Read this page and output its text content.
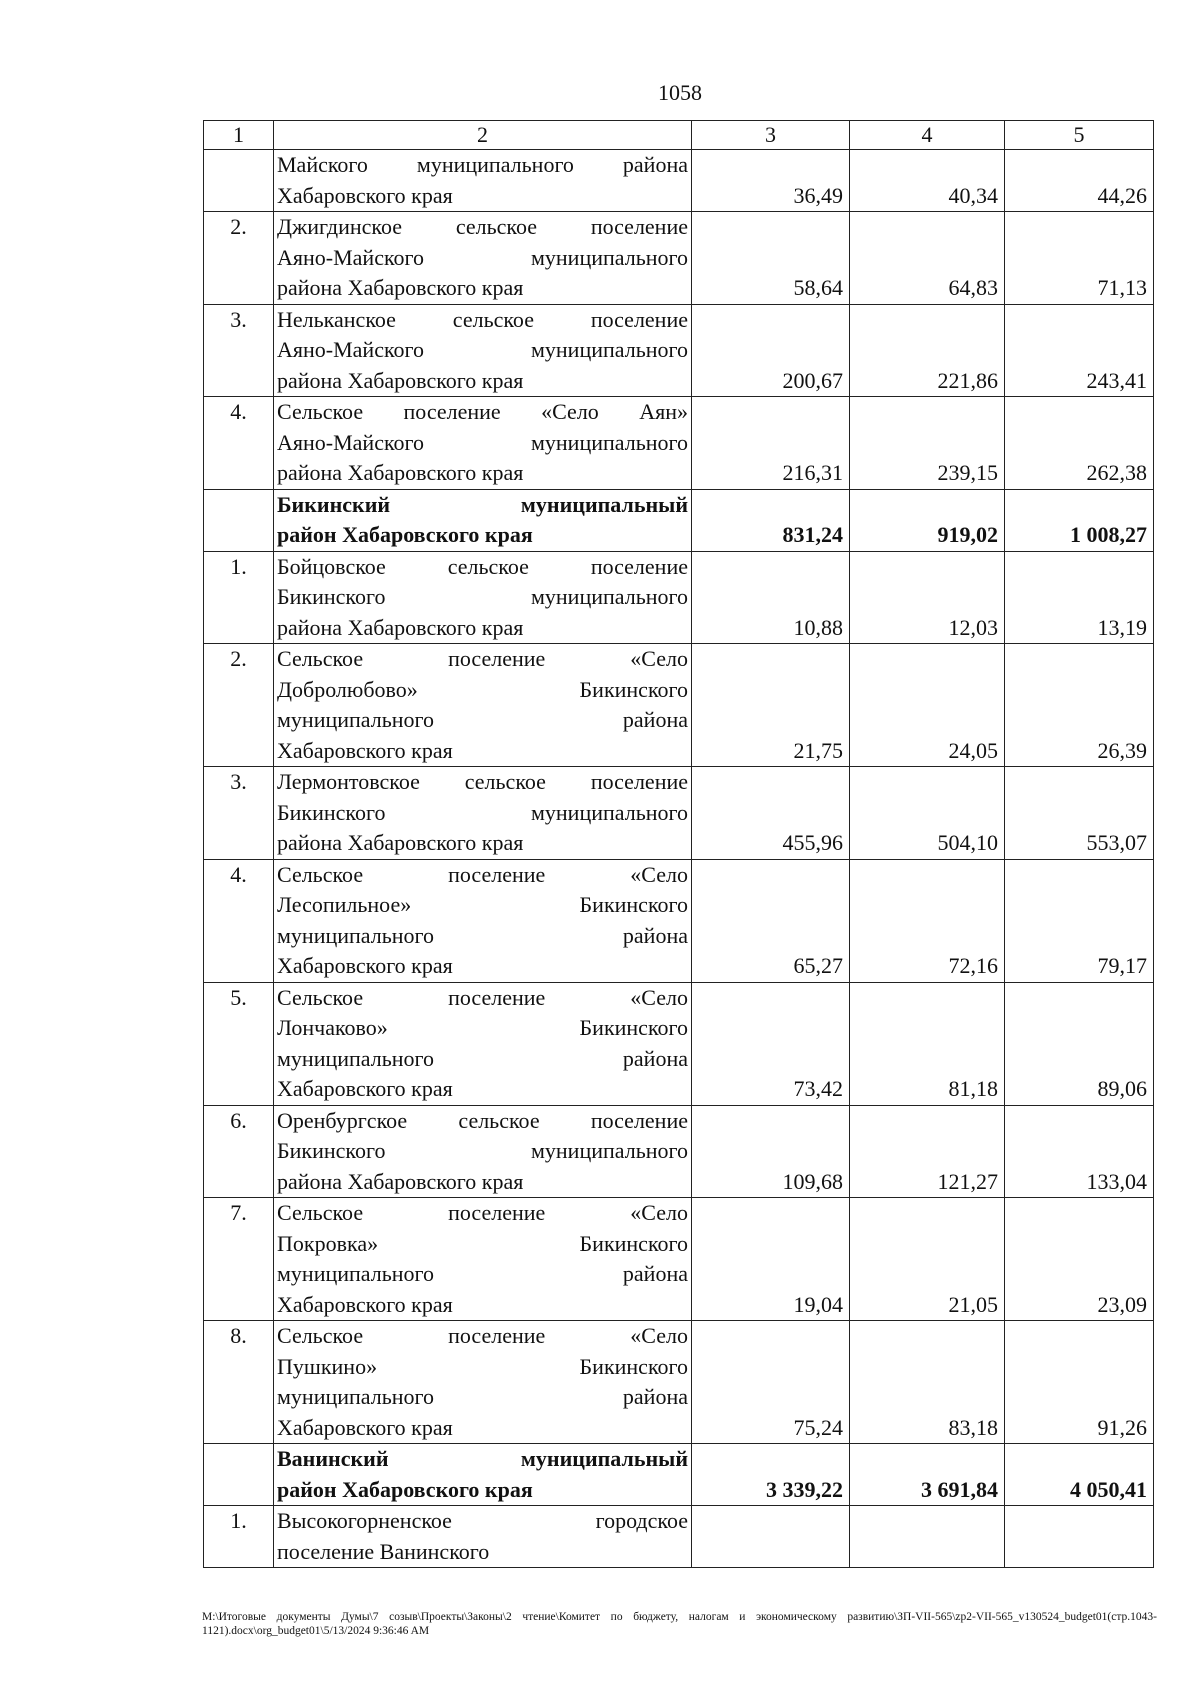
1058
1	2	3	4	5

	Майского муниципального района
Хабаровского края	36,49	40,34	44,26
2.	Джигдинское сельское поселение
Аяно-Майского муниципального
района Хабаровского края	58,64	64,83	71,13
3.	Нельканское сельское поселение
Аяно-Майского муниципального
района Хабаровского края	200,67	221,86	243,41
4.	Сельское поселение «Село Аян»
Аяно-Майского муниципального
района Хабаровского края	216,31	239,15	262,38

	Бикинский муниципальный
район Хабаровского края	831,24	919,02	1 008,27
1.	Бойцовское сельское поселение
Бикинского муниципального
района Хабаровского края	10,88	12,03	13,19
2.	Сельское поселение «Село
Добролюбово» Бикинского
муниципального района
Хабаровского края	21,75	24,05	26,39
3.	Лермонтовское сельское поселение
Бикинского муниципального
района Хабаровского края	455,96	504,10	553,07
4.	Сельское поселение «Село
Лесопильное» Бикинского
муниципального района
Хабаровского края	65,27	72,16	79,17
5.	Сельское поселение «Село
Лончаково» Бикинского
муниципального района
Хабаровского края	73,42	81,18	89,06
6.	Оренбургское сельское поселение
Бикинского муниципального
района Хабаровского края	109,68	121,27	133,04
7.	Сельское поселение «Село
Покровка» Бикинского
муниципального района
Хабаровского края	19,04	21,05	23,09
8.	Сельское поселение «Село
Пушкино» Бикинского
муниципального района
Хабаровского края	75,24	83,18	91,26

	Ванинский муниципальный
район Хабаровского края	3 339,22	3 691,84	4 050,41
1.	Высокогорненское городское
поселение Ванинского			

M:\Итоговые документы Думы\7 созыв\Проекты\Законы\2 чтение\Комитет по бюджету, налогам и экономическому развитию\ЗП-VII-565\zp2-VII-565_v130524_budget01(стр.1043-1121).docx\org_budget01\5/13/2024 9:36:46 AM
